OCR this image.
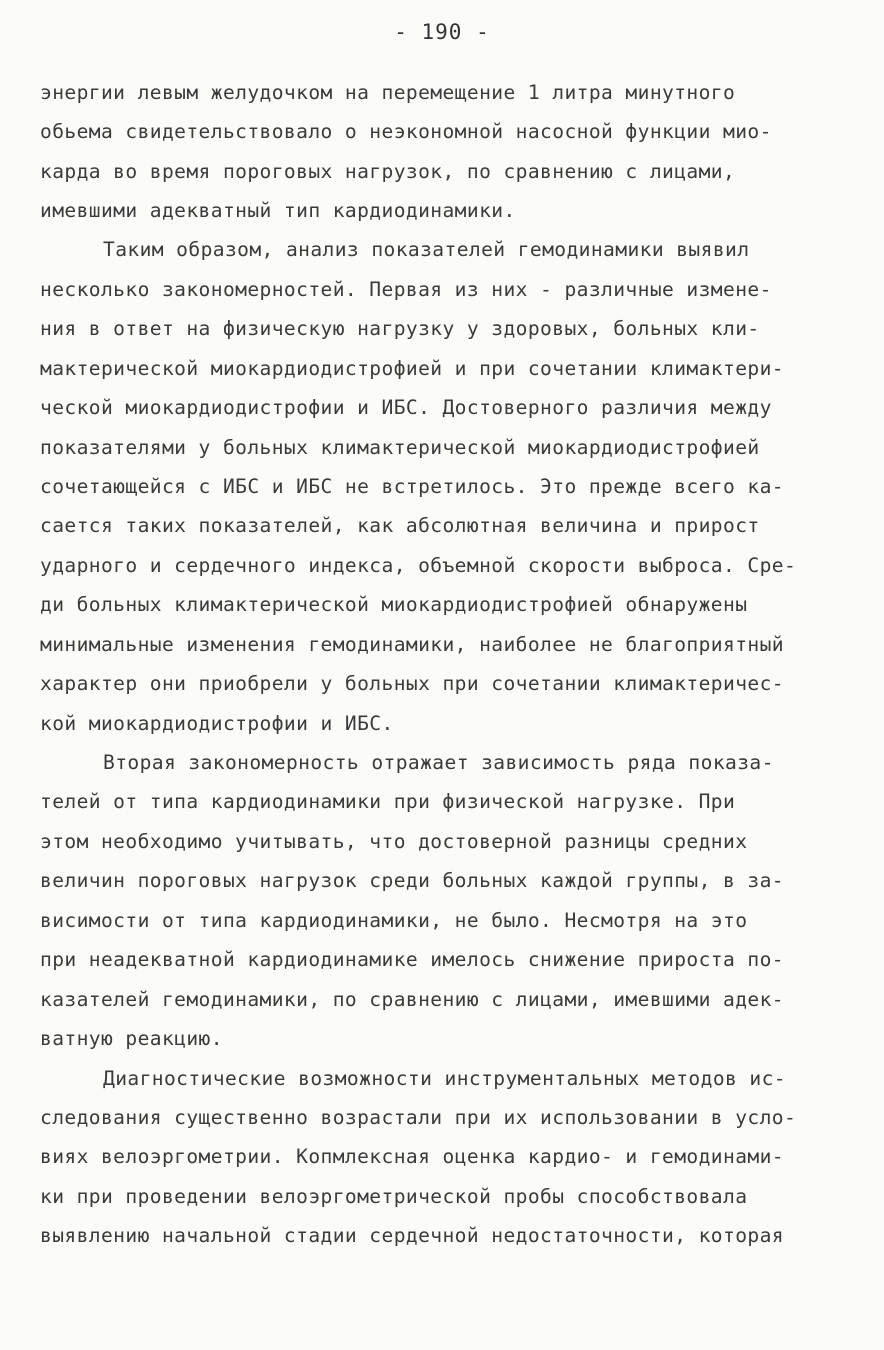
- 190 -
энергии левым желудочком на перемещение 1 литра минутного
обьема свидетельствовало о неэкономной насосной функции мио-
карда во время пороговых нагрузок, по сравнению с лицами,
имевшими адекватный тип кардиодинамики.
Таким образом, анализ показателей гемодинамики выявил
несколько закономерностей. Первая из них - различные измене-
ния в ответ на физическую нагрузку у здоровых, больных кли-
мактерической миокардиодистрофией и при сочетании климактери-
ческой миокардиодистрофии и ИБС. Достоверного различия между
показателями у больных климактерической миокардиодистрофией
сочетающейся с ИБС и ИБС не встретилось. Это прежде всего ка-
сается таких показателей, как абсолютная величина и прирост
ударного и сердечного индекса, объемной скорости выброса. Сре-
ди больных климактерической миокардиодистрофией обнаружены
минимальные изменения гемодинамики, наиболее не благоприятный
характер они приобрели у больных при сочетании климактеричес-
кой миокардиодистрофии и ИБС.
Вторая закономерность отражает зависимость ряда показа-
телей от типа кардиодинамики при физической нагрузке. При
этом необходимо учитывать, что достоверной разницы средних
величин пороговых нагрузок среди больных каждой группы, в за-
висимости от типа кардиодинамики, не было. Несмотря на это
при неадекватной кардиодинамике имелось снижение прироста по-
казателей гемодинамики, по сравнению с лицами, имевшими адек-
ватную реакцию.
Диагностические возможности инструментальных методов ис-
следования существенно возрастали при их использовании в усло-
виях велоэргометрии. Копмлексная оценка кардио- и гемодинами-
ки при проведении велоэргометрической пробы способствовала
выявлению начальной стадии сердечной недостаточности, которая
